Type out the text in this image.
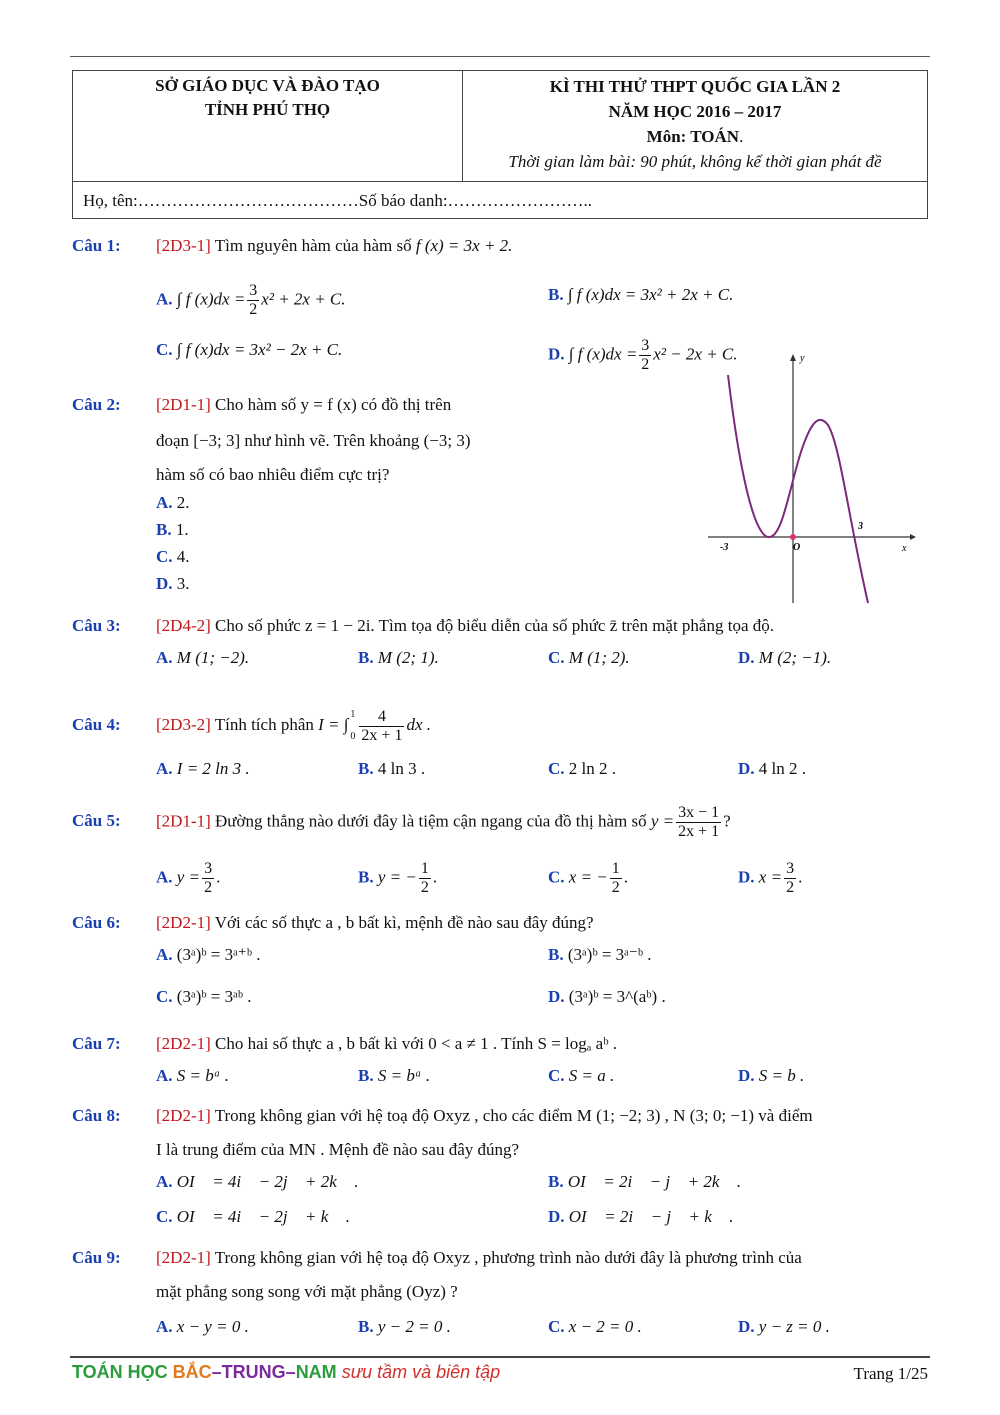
SỞ GIÁO DỤC VÀ ĐÀO TẠO
TỈNH PHÚ THỌ
KÌ THI THỬ THPT QUỐC GIA LẦN 2
NĂM HỌC 2016 – 2017
Môn: TOÁN.
Thời gian làm bài: 90 phút, không kể thời gian phát đề
Họ, tên:…………………………………Số báo danh:……………………..
Câu 1: [2D3-1] Tìm nguyên hàm của hàm số f (x) = 3x + 2.
A. ∫ f $(x)dx = \frac{3}{2} x^2 + 2x + C$.	B. ∫ f (x)dx = 3x² + 2x + C.
C. ∫ f (x)dx = 3x² − 2x + C.	D. ∫ f $(x)dx = \frac{3}{2} x^2 - 2x + C$.
Câu 2: [2D1-1] Cho hàm số y = f (x) có đồ thị trên
đoạn [−3; 3] như hình vẽ. Trên khoảng (−3; 3)
hàm số có bao nhiêu điểm cực trị?
A. 2.
B. 1.
C. 4.
D. 3.
y
x
-3	O
3
Câu 3: [2D4-2] Cho số phức z = 1 − 2i. Tìm tọa độ biểu diễn của số phức z̄ trên mặt phẳng tọa độ.
A. M (1; −2).	B. M (2; 1).	C. M (1; 2).	D. M (2; −1).
Câu 4: [2D3-2] Tính tích phân I = ∫
1
$0 \frac{4}{2x + 1}$ dx .
A. I = 2 ln 3 .	B. 4 ln 3 .	C. 2 ln 2 .	D. 4 ln 2 .
Câu 5: [2D1-1] Đường thẳng nào dưới đây là tiệm cận ngang của đồ thị hàm số $y = \frac{3x - 1}{2x + 1}$ ?
A. $y = \frac{3}{2}$ .	B. y = − $\frac{1}{2}$ .	C. x = − $\frac{1}{2}$ .	D. $x = \frac{3}{2}$ .
Câu 6: [2D2-1] Với các số thực a , b bất kì, mệnh đề nào sau đây đúng?
A. (3ᵃ)ᵇ = 3ᵃ⁺ᵇ .	B. (3ᵃ)ᵇ = 3ᵃ⁻ᵇ .
C. (3ᵃ)ᵇ = 3ᵃᵇ .	D. (3ᵃ)ᵇ = 3^(aᵇ) .
Câu 7: [2D2-1] Cho hai số thực a , b bất kì với 0 < a ≠ 1 . Tính S = logₐ aᵇ .
A. S = bᵃ .	B. S = bᵃ .	C. S = a .	D. S = b .
Câu 8: [2D2-1] Trong không gian với hệ toạ độ Oxyz , cho các điểm M (1; −2; 3) , N (3; 0; −1) và điểm
I là trung điểm của MN . Mệnh đề nào sau đây đúng?
A. OI⃗ = 4i⃗ − 2j⃗ + 2k⃗ .	B. OI⃗ = 2i⃗ − j⃗ + 2k⃗ .
C. OI⃗ = 4i⃗ − 2j⃗ + k⃗ .	D. OI⃗ = 2i⃗ − j⃗ + k⃗ .
Câu 9: [2D2-1] Trong không gian với hệ toạ độ Oxyz , phương trình nào dưới đây là phương trình của
mặt phẳng song song với mặt phẳng (Oyz) ?
A. x − y = 0 .	B. y − 2 = 0 .	C. x − 2 = 0 .	D. y − z = 0 .
TOÁN HỌC BẮC–TRUNG–NAM sưu tầm và biên tập	Trang 1/25
